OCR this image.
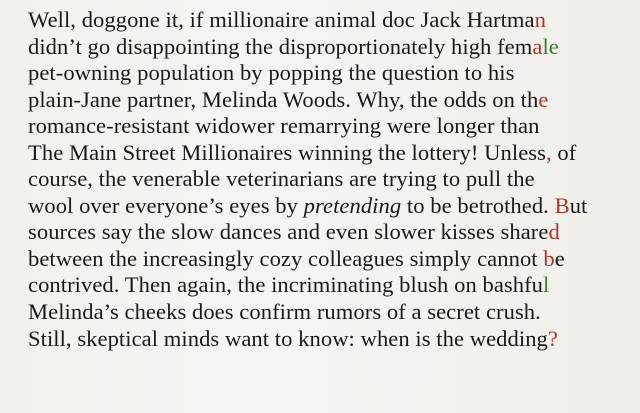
Well, doggone it, if millionaire animal doc Jack Hartman
didn’t go disappointing the disproportionately high female
pet-owning population by popping the question to his
plain-Jane partner, Melinda Woods. Why, the odds on the
romance-resistant widower remarrying were longer than
The Main Street Millionaires winning the lottery! Unless, of
course, the venerable veterinarians are trying to pull the
wool over everyone’s eyes by pretending to be betrothed. But
sources say the slow dances and even slower kisses shared
between the increasingly cozy colleagues simply cannot be
contrived. Then again, the incriminating blush on bashful
Melinda’s cheeks does confirm rumors of a secret crush.
Still, skeptical minds want to know: when is the wedding?
